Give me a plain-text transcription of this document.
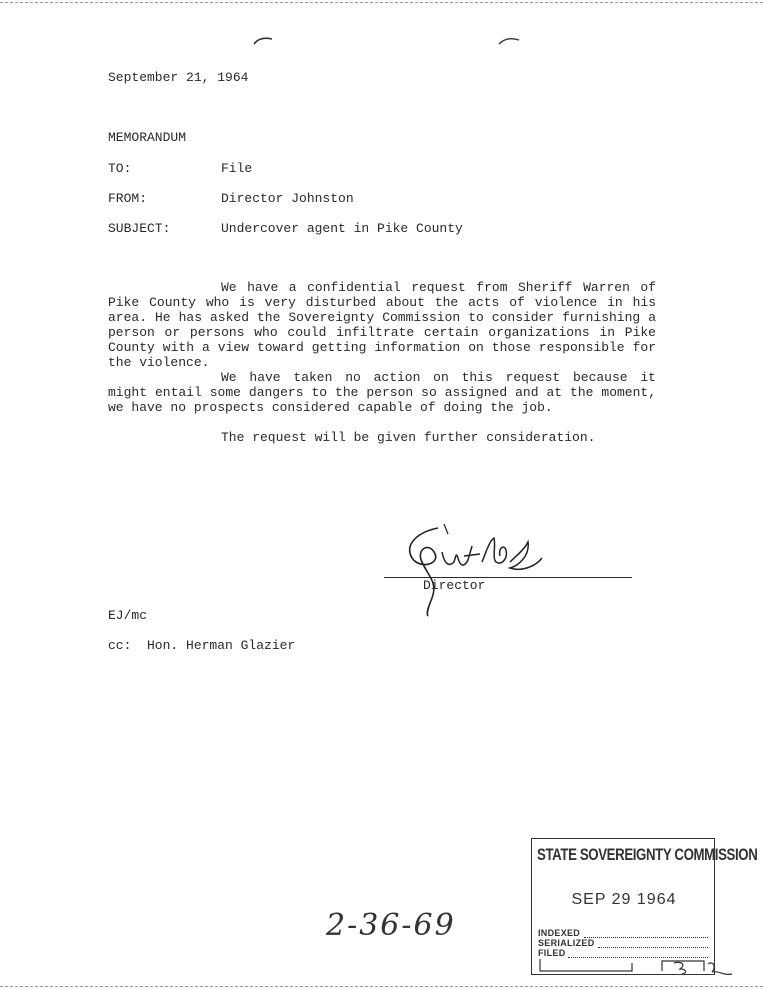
September 21, 1964
MEMORANDUM
TO:	File
FROM:	Director Johnston
SUBJECT:	Undercover agent in Pike County

We have a confidential request from Sheriff Warren of Pike County who is very disturbed about the acts of violence in his area. He has asked the Sovereignty Commission to consider furnishing a person or persons who could infiltrate certain organizations in Pike County with a view toward getting information on those responsible for the violence.

We have taken no action on this request because it might entail some dangers to the person so assigned and at the moment, we have no prospects considered capable of doing the job.

The request will be given further consideration.

Director
EJ/mc
cc:  Hon. Herman Glazier
STATE SOVEREIGNTY COMMISSION
SEP 29 1964
INDEXED
SERIALIZED
FILED
2-36-69
